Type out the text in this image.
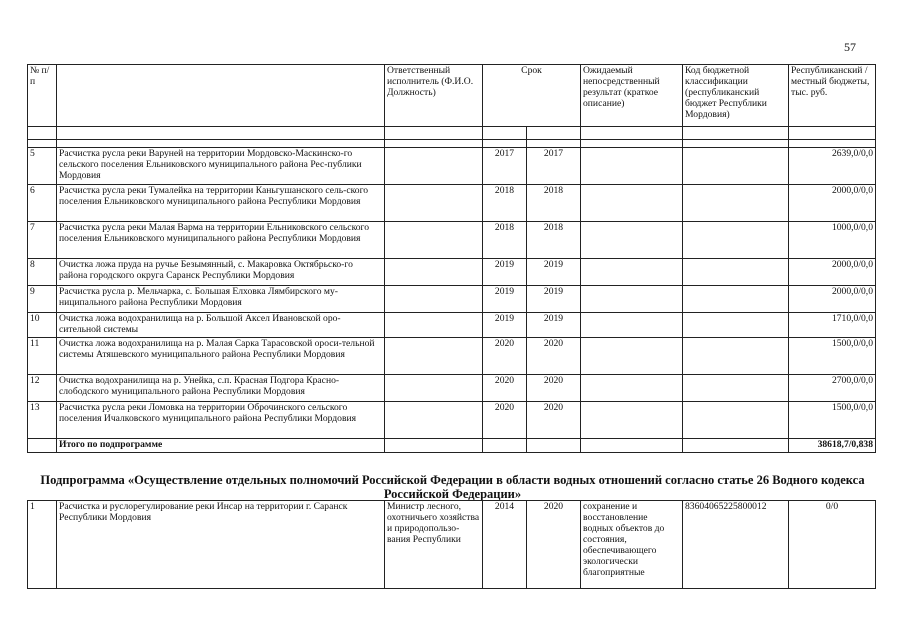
57
№ п/п		Ответственный исполнитель (Ф.И.О. Должность)	Срок		Ожидаемый непосредственный результат (краткое описание)	Код бюджетной классификации (республиканский бюджет Республики Мордовия)	Республиканский /местный бюджеты, тыс. руб.

5	Расчистка русла реки Варуней на территории Мордовско-Маскинско-го сельского поселения Ельниковского муниципального района Рес-публики Мордовия		2017	2017			2639,0/0,0
6	Расчистка русла реки Тумалейка на территории Каньгушанского сель-ского поселения Ельниковского муниципального района Республики Мордовия		2018	2018			2000,0/0,0
7	Расчистка русла реки Малая Варма на территории Ельниковского сельского поселения Ельниковского муниципального района Республики Мордовия		2018	2018			1000,0/0,0
8	Очистка ложа пруда на ручье Безымянный, с. Макаровка Октябрьско-го района городского округа Саранск Республики Мордовия		2019	2019			2000,0/0,0
9	Расчистка русла р. Мельчарка, с. Большая Елховка Лямбирского му-ниципального района Республики Мордовия		2019	2019			2000,0/0,0
10	Очистка ложа водохранилища на р. Большой Аксел Ивановской оро-сительной системы		2019	2019			1710,0/0,0
11	Очистка ложа водохранилища на р. Малая Сарка Тарасовской ороси-тельной системы Атяшевского муниципального района Республики Мордовия		2020	2020			1500,0/0,0
12	Очистка водохранилища на р. Унейка, с.п. Красная Подгора Красно-слободского муниципального района Республики Мордовия		2020	2020			2700,0/0,0
13	Расчистка русла реки Ломовка на территории Оброчинского сельского поселения Ичалковского муниципального района Республики Мордовия		2020	2020			1500,0/0,0
	Итого по подпрограмме						38618,7/0,838
Подпрограмма «Осуществление отдельных полномочий Российской Федерации в области водных отношений согласно статье 26 Водного кодекса Российской Федерации»
1	Расчистка и руслорегулирование реки Инсар на территории г. Саранск Республики Мордовия	Министр лесного, охотничьего хозяйства и природопользо-вания Республики	2014	2020	сохранение и восстановление водных объектов до состояния, обеспечивающего экологически благоприятные	83604065225800012	0/0
